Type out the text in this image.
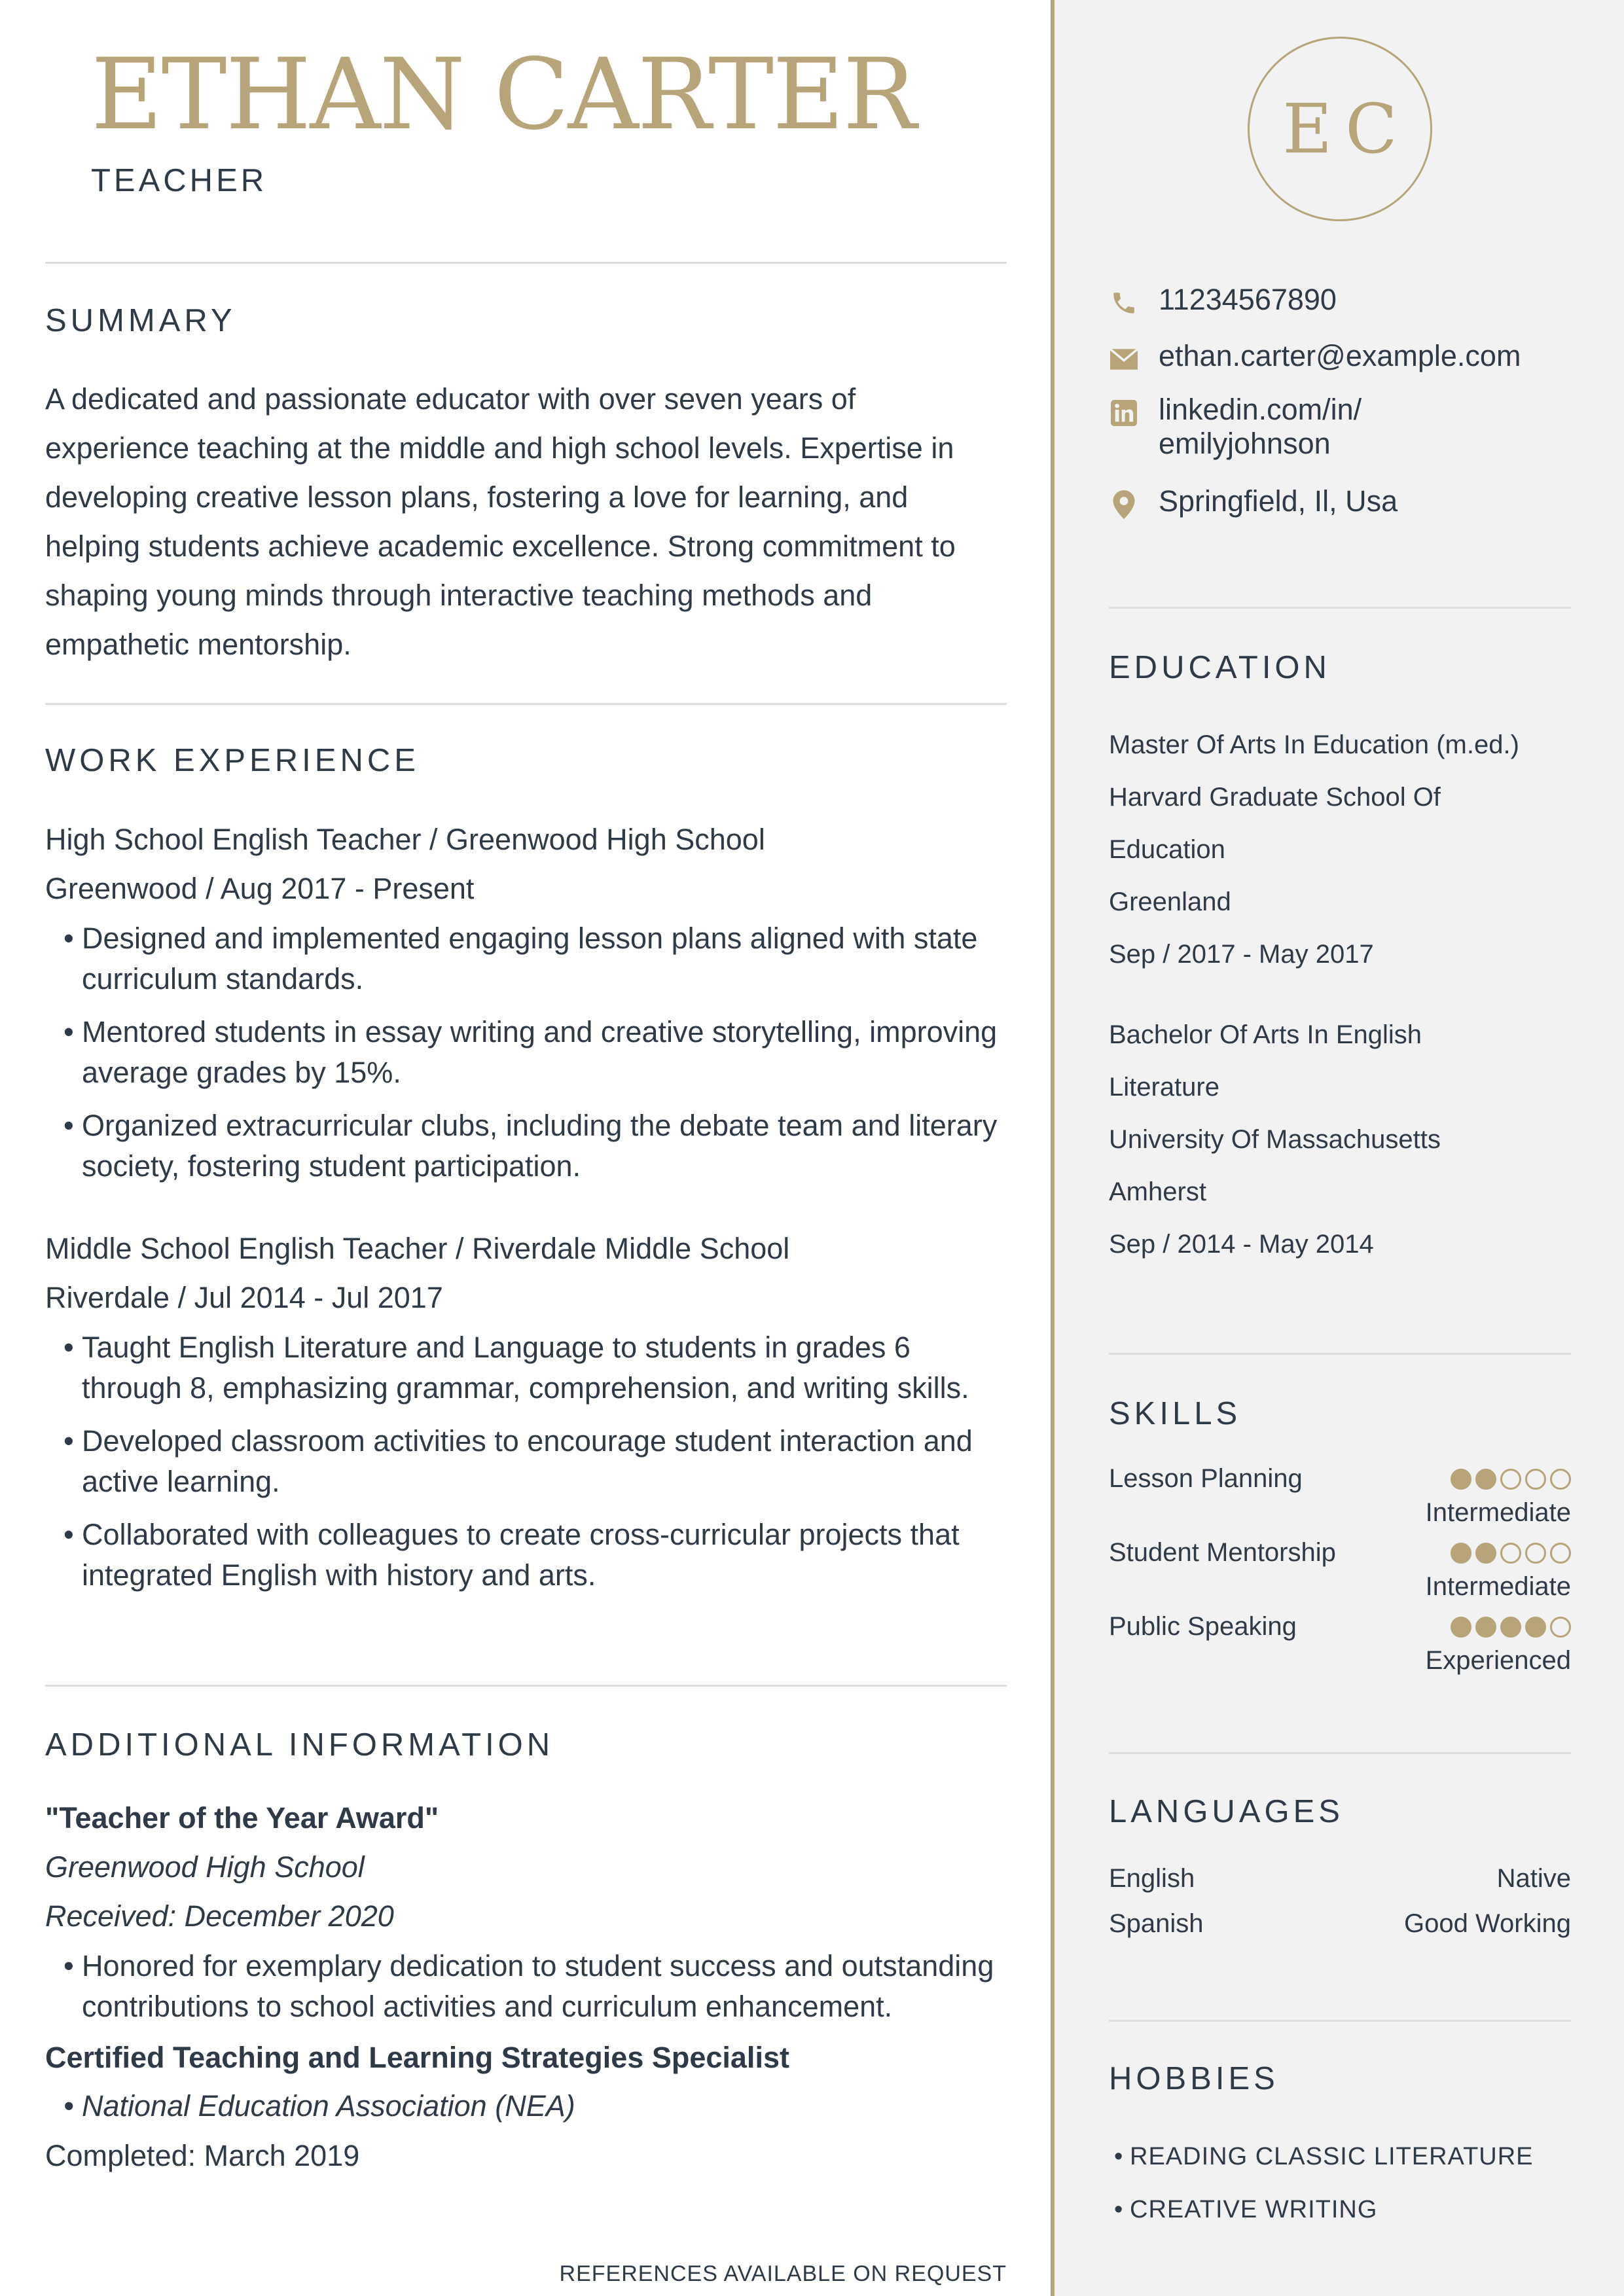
ETHAN CARTER
TEACHER
SUMMARY

A dedicated and passionate educator with over seven years of experience teaching at the middle and high school levels. Expertise in developing creative lesson plans, fostering a love for learning, and helping students achieve academic excellence. Strong commitment to shaping young minds through interactive teaching methods and empathetic mentorship.

WORK EXPERIENCE
High School English Teacher / Greenwood High School
Greenwood / Aug 2017 - Present
• Designed and implemented engaging lesson plans aligned with state curriculum standards.
• Mentored students in essay writing and creative storytelling, improving average grades by 15%.
• Organized extracurricular clubs, including the debate team and literary society, fostering student participation.
Middle School English Teacher / Riverdale Middle School
Riverdale / Jul 2014 - Jul 2017
• Taught English Literature and Language to students in grades 6 through 8, emphasizing grammar, comprehension, and writing skills.
• Developed classroom activities to encourage student interaction and active learning.
• Collaborated with colleagues to create cross-curricular projects that integrated English with history and arts.
ADDITIONAL INFORMATION
"Teacher of the Year Award"
Greenwood High School
Received: December 2020
• Honored for exemplary dedication to student success and outstanding contributions to school activities and curriculum enhancement.
Certified Teaching and Learning Strategies Specialist
• National Education Association (NEA)
Completed: March 2019
REFERENCES AVAILABLE ON REQUEST
EC
11234567890
ethan.carter@example.com
linkedin.com/in/
emilyjohnson
Springfield, Il, Usa
EDUCATION
Master Of Arts In Education (m.ed.)
Harvard Graduate School Of
Education
Greenland
Sep / 2017 - May 2017
Bachelor Of Arts In English
Literature
University Of Massachusetts
Amherst
Sep / 2014 - May 2014
SKILLS
Lesson Planning
Intermediate
Student Mentorship
Intermediate
Public Speaking
Experienced
LANGUAGES
English	Native
Spanish	Good Working
HOBBIES
• READING CLASSIC LITERATURE
• CREATIVE WRITING
